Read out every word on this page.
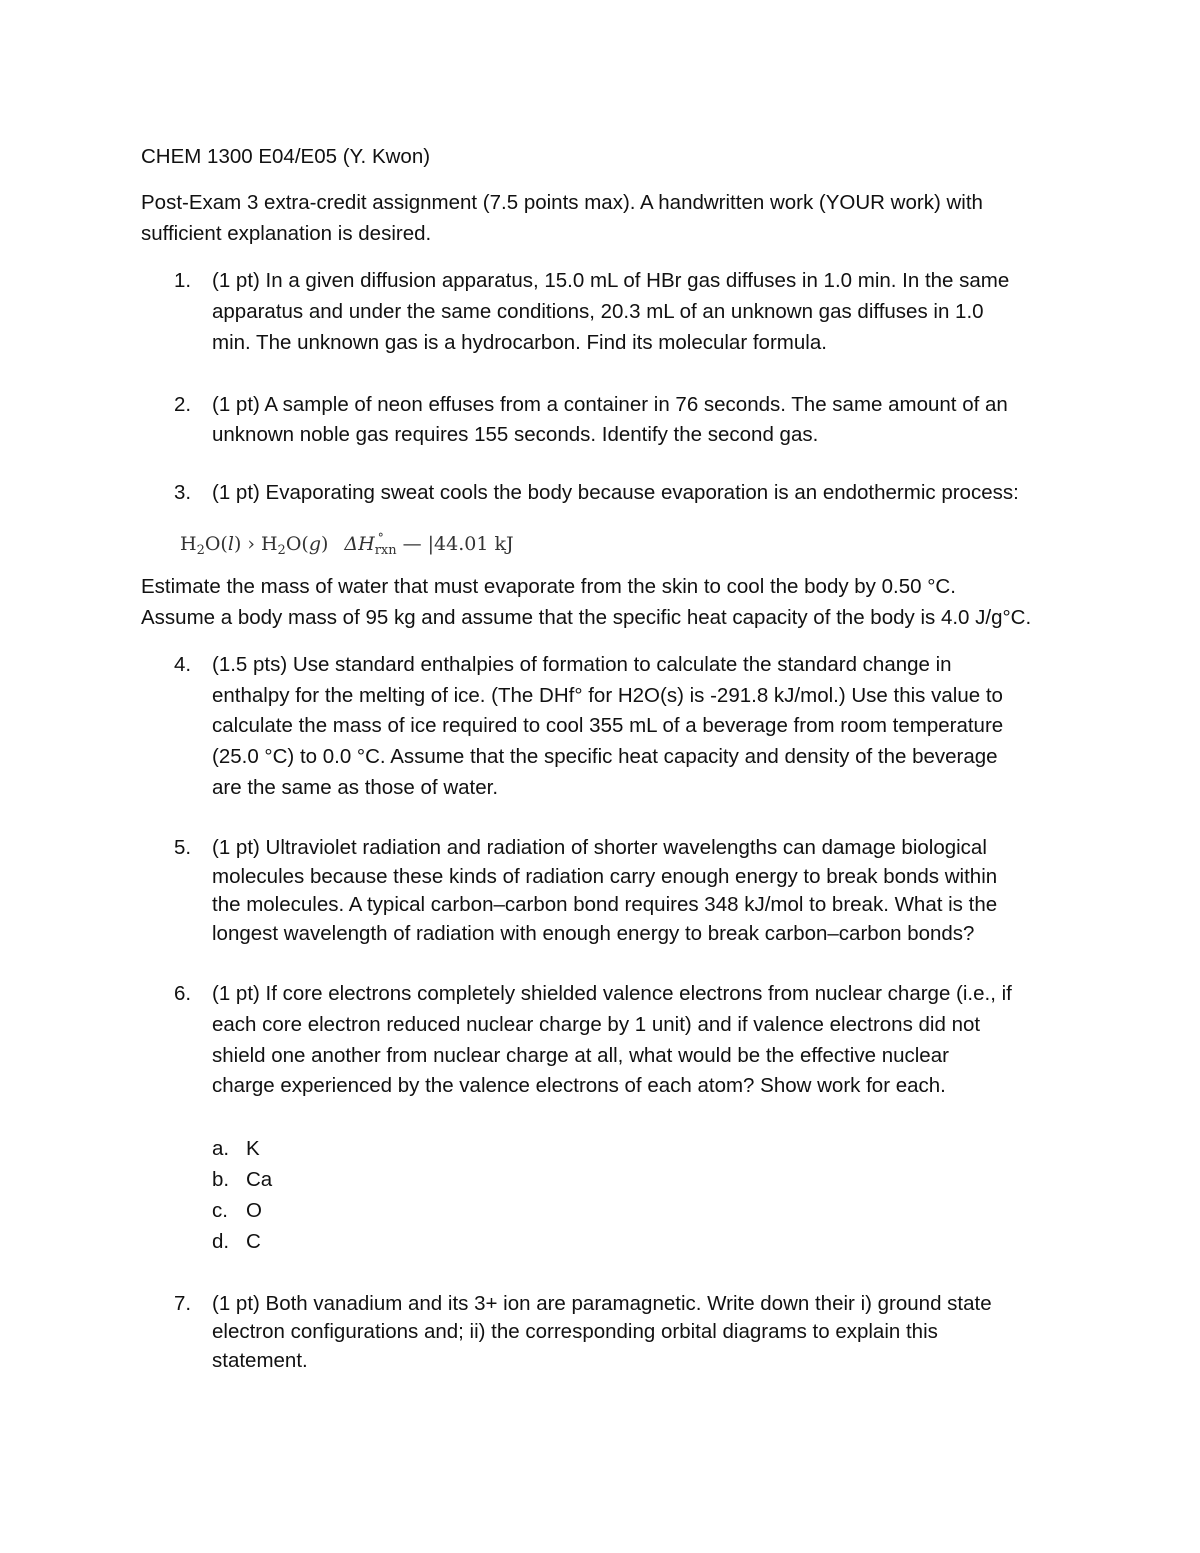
CHEM 1300 E04/E05 (Y. Kwon)
Post-Exam 3 extra-credit assignment (7.5 points max). A handwritten work (YOUR work) with
sufficient explanation is desired.
1. (1 pt) In a given diffusion apparatus, 15.0 mL of HBr gas diffuses in 1.0 min. In the same
apparatus and under the same conditions, 20.3 mL of an unknown gas diffuses in 1.0
min. The unknown gas is a hydrocarbon. Find its molecular formula.
2. (1 pt) A sample of neon effuses from a container in 76 seconds. The same amount of an
unknown noble gas requires 155 seconds. Identify the second gas.
3. (1 pt) Evaporating sweat cools the body because evaporation is an endothermic process:
H2O(l) › H2O(g) ΔH °
rxn — |44.01 kJ
Estimate the mass of water that must evaporate from the skin to cool the body by 0.50 °C.
Assume a body mass of 95 kg and assume that the specific heat capacity of the body is 4.0 J/g°C.
4. (1.5 pts) Use standard enthalpies of formation to calculate the standard change in
enthalpy for the melting of ice. (The DHf° for H2O(s) is -291.8 kJ/mol.) Use this value to
calculate the mass of ice required to cool 355 mL of a beverage from room temperature
(25.0 °C) to 0.0 °C. Assume that the specific heat capacity and density of the beverage
are the same as those of water.
5. (1 pt) Ultraviolet radiation and radiation of shorter wavelengths can damage biological
molecules because these kinds of radiation carry enough energy to break bonds within
the molecules. A typical carbon–carbon bond requires 348 kJ/mol to break. What is the
longest wavelength of radiation with enough energy to break carbon–carbon bonds?
6. (1 pt) If core electrons completely shielded valence electrons from nuclear charge (i.e., if
each core electron reduced nuclear charge by 1 unit) and if valence electrons did not
shield one another from nuclear charge at all, what would be the effective nuclear
charge experienced by the valence electrons of each atom? Show work for each.
a. K
b. Ca
c. O
d. C
7. (1 pt) Both vanadium and its 3+ ion are paramagnetic. Write down their i) ground state
electron configurations and; ii) the corresponding orbital diagrams to explain this
statement.
